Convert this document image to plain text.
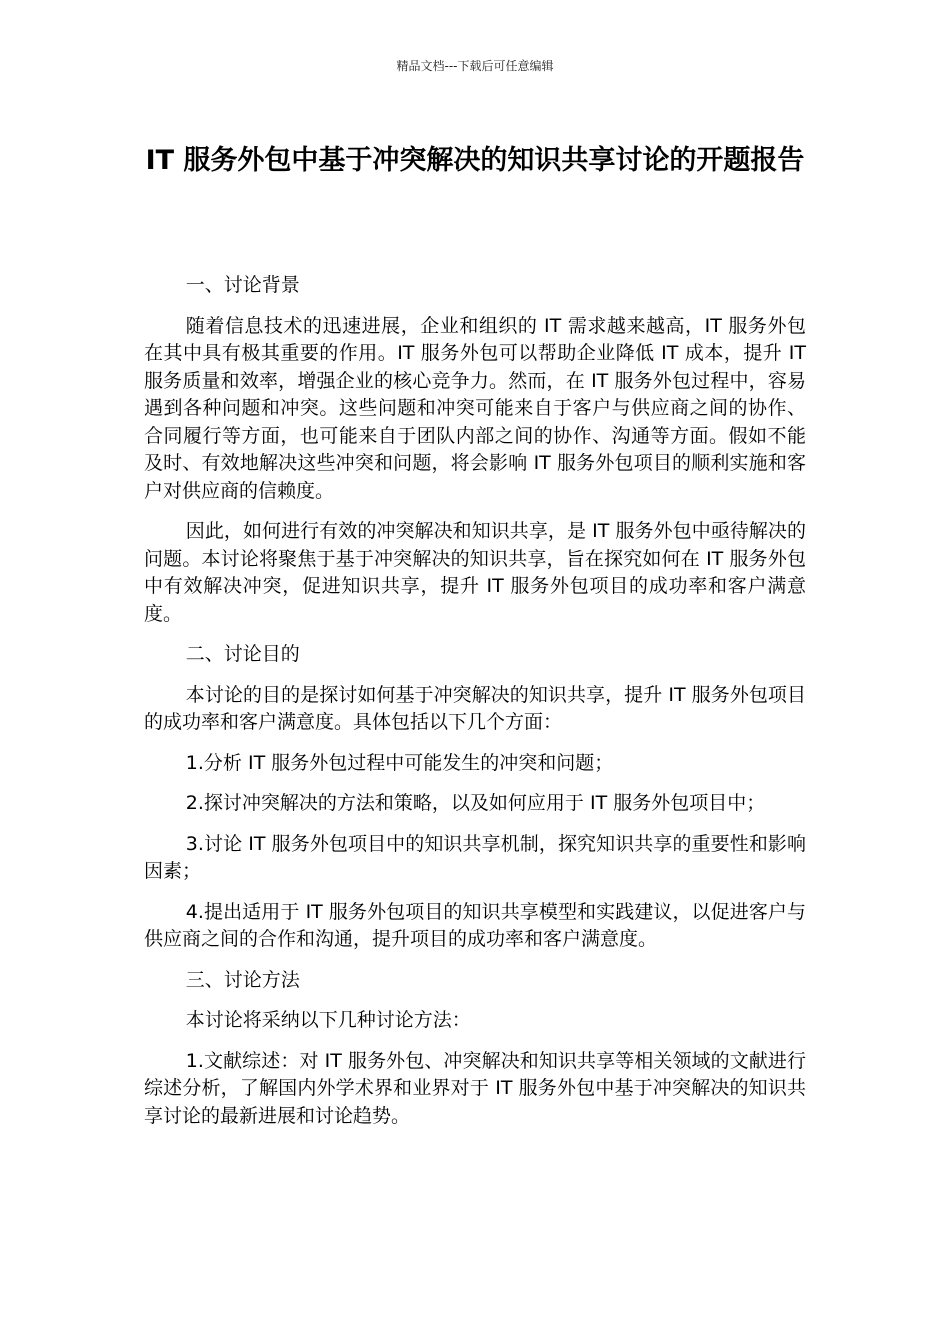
精品文档---下载后可任意编辑
IT 服务外包中基于冲突解决的知识共享讨论的开题报告
一、讨论背景

随着信息技术的迅速进展，企业和组织的 IT 需求越来越高，IT 服务外包在其中具有极其重要的作用。IT 服务外包可以帮助企业降低 IT 成本，提升 IT 服务质量和效率，增强企业的核心竞争力。然而，在 IT 服务外包过程中，容易遇到各种问题和冲突。这些问题和冲突可能来自于客户与供应商之间的协作、合同履行等方面，也可能来自于团队内部之间的协作、沟通等方面。假如不能及时、有效地解决这些冲突和问题，将会影响 IT 服务外包项目的顺利实施和客户对供应商的信赖度。

因此，如何进行有效的冲突解决和知识共享，是 IT 服务外包中亟待解决的问题。本讨论将聚焦于基于冲突解决的知识共享，旨在探究如何在 IT 服务外包中有效解决冲突，促进知识共享，提升 IT 服务外包项目的成功率和客户满意度。

二、讨论目的

本讨论的目的是探讨如何基于冲突解决的知识共享，提升 IT 服务外包项目的成功率和客户满意度。具体包括以下几个方面：

1.分析 IT 服务外包过程中可能发生的冲突和问题；

2.探讨冲突解决的方法和策略，以及如何应用于 IT 服务外包项目中；

3.讨论 IT 服务外包项目中的知识共享机制，探究知识共享的重要性和影响因素；

4.提出适用于 IT 服务外包项目的知识共享模型和实践建议，以促进客户与供应商之间的合作和沟通，提升项目的成功率和客户满意度。

三、讨论方法

本讨论将采纳以下几种讨论方法：

1.文献综述：对 IT 服务外包、冲突解决和知识共享等相关领域的文献进行综述分析，了解国内外学术界和业界对于 IT 服务外包中基于冲突解决的知识共享讨论的最新进展和讨论趋势。
